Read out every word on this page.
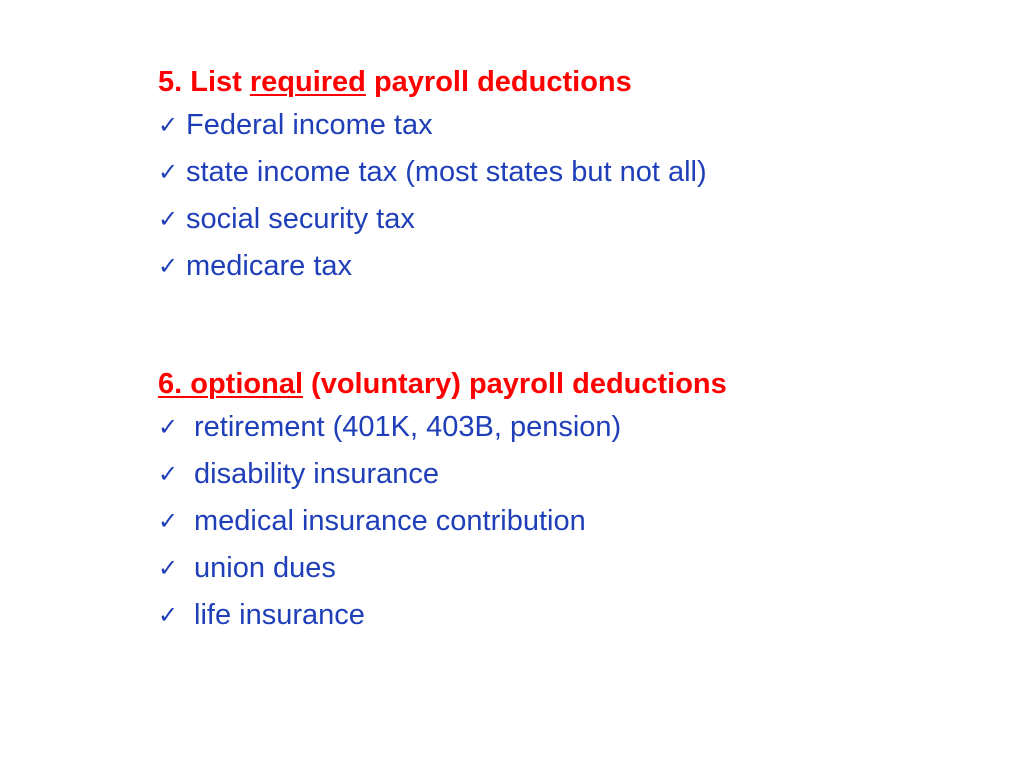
5. List required payroll deductions
✓ Federal income tax
✓ state income tax (most states but not all)
✓ social security tax
✓ medicare tax
6. optional (voluntary) payroll deductions
✓ retirement (401K, 403B, pension)
✓ disability insurance
✓ medical insurance contribution
✓ union dues
✓ life insurance
